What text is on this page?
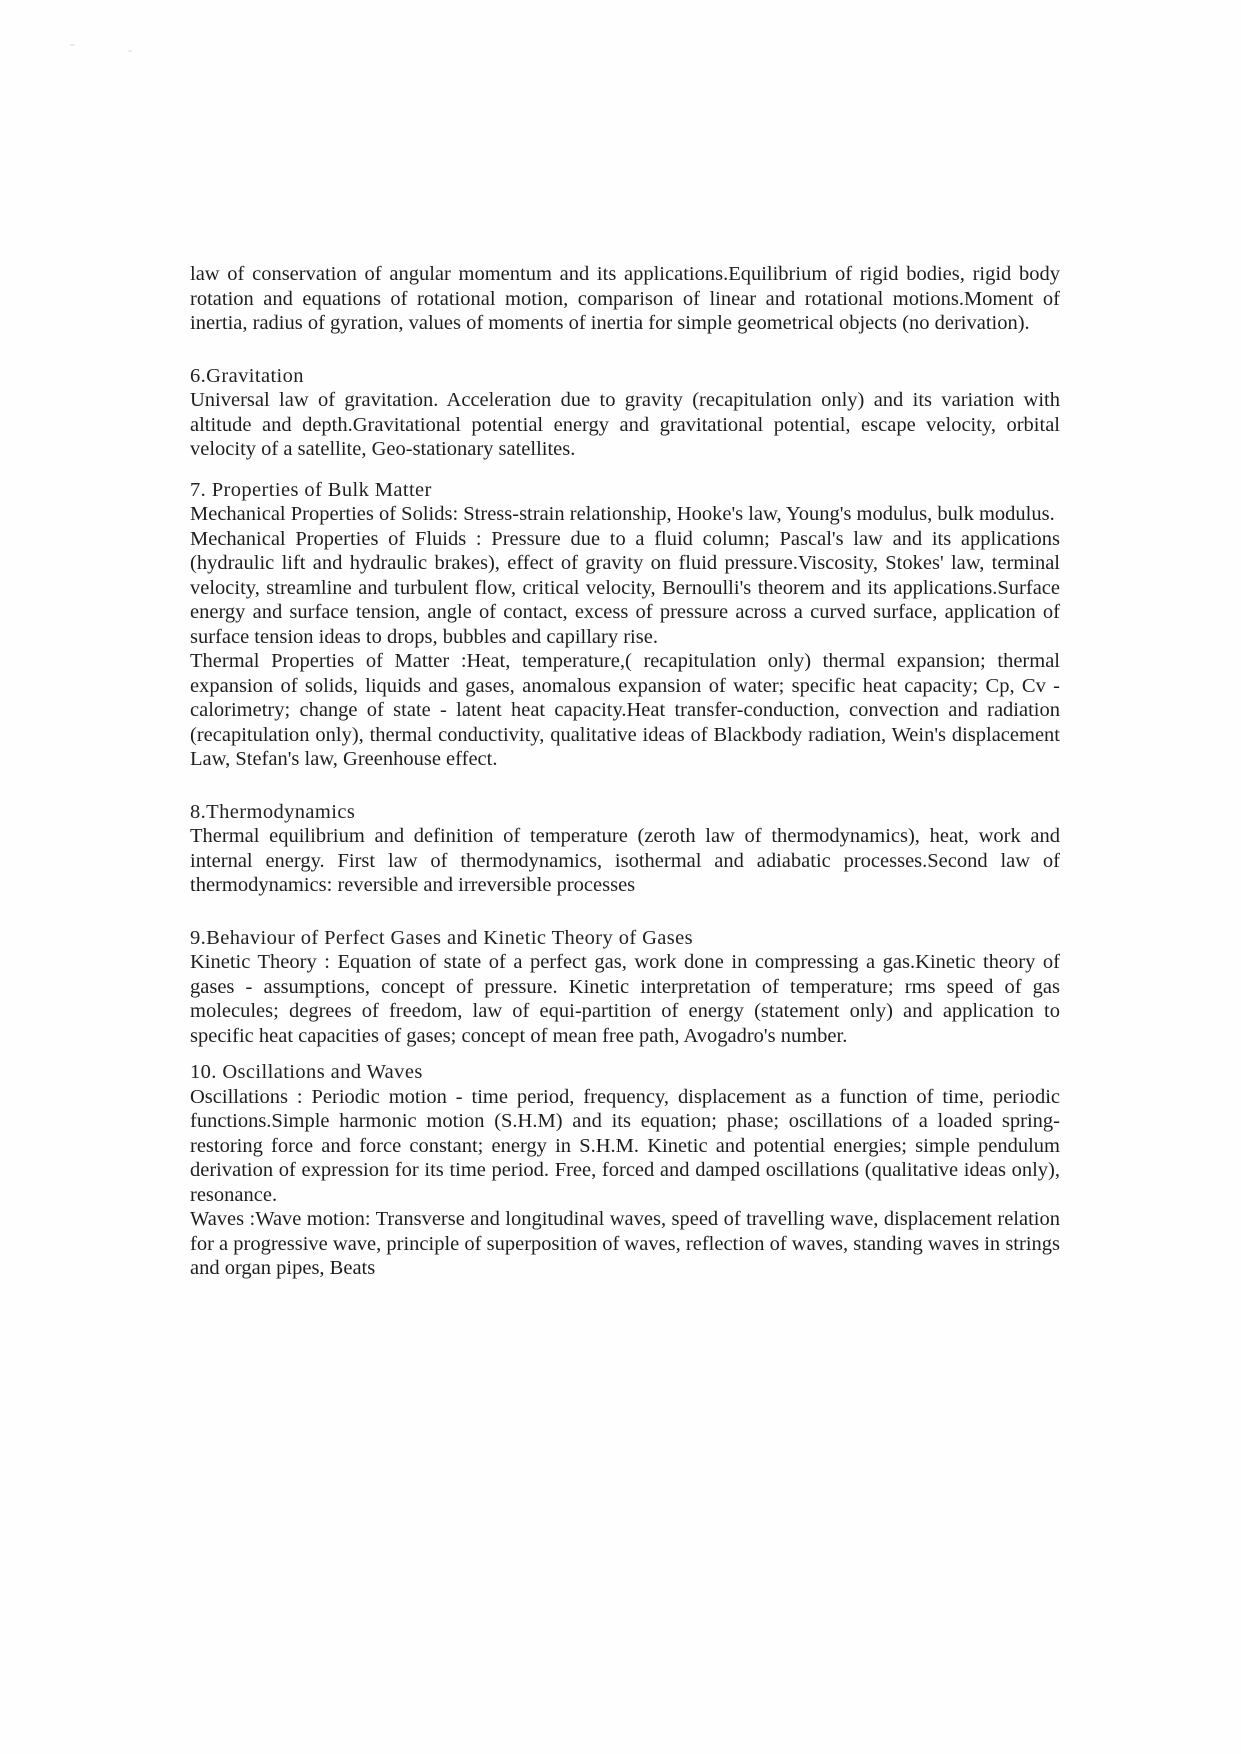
law of conservation of angular momentum and its applications.Equilibrium of rigid bodies, rigid body rotation and equations of rotational motion, comparison of linear and rotational motions.Moment of inertia, radius of gyration, values of moments of inertia for simple geometrical objects (no derivation).

6.Gravitation

Universal law of gravitation. Acceleration due to gravity (recapitulation only) and its variation with altitude and depth.Gravitational potential energy and gravitational potential, escape velocity, orbital velocity of a satellite, Geo-stationary satellites.

7. Properties of Bulk Matter

Mechanical Properties of Solids: Stress-strain relationship, Hooke's law, Young's modulus, bulk modulus.

Mechanical Properties of Fluids : Pressure due to a fluid column; Pascal's law and its applications (hydraulic lift and hydraulic brakes), effect of gravity on fluid pressure.Viscosity, Stokes' law, terminal velocity, streamline and turbulent flow, critical velocity, Bernoulli's theorem and its applications.Surface energy and surface tension, angle of contact, excess of pressure across a curved surface, application of surface tension ideas to drops, bubbles and capillary rise.

Thermal Properties of Matter :Heat, temperature,( recapitulation only) thermal expansion; thermal expansion of solids, liquids and gases, anomalous expansion of water; specific heat capacity; Cp, Cv - calorimetry; change of state - latent heat capacity.Heat transfer-conduction, convection and radiation (recapitulation only), thermal conductivity, qualitative ideas of Blackbody radiation, Wein's displacement Law, Stefan's law, Greenhouse effect.

8.Thermodynamics

Thermal equilibrium and definition of temperature (zeroth law of thermodynamics), heat, work and internal energy. First law of thermodynamics, isothermal and adiabatic processes.Second law of thermodynamics: reversible and irreversible processes

9.Behaviour of Perfect Gases and Kinetic Theory of Gases

Kinetic Theory : Equation of state of a perfect gas, work done in compressing a gas.Kinetic theory of gases - assumptions, concept of pressure. Kinetic interpretation of temperature; rms speed of gas molecules; degrees of freedom, law of equi-partition of energy (statement only) and application to specific heat capacities of gases; concept of mean free path, Avogadro's number.

10. Oscillations and Waves

Oscillations : Periodic motion - time period, frequency, displacement as a function of time, periodic functions.Simple harmonic motion (S.H.M) and its equation; phase; oscillations of a loaded spring- restoring force and force constant; energy in S.H.M. Kinetic and potential energies; simple pendulum derivation of expression for its time period. Free, forced and damped oscillations (qualitative ideas only), resonance.

Waves :Wave motion: Transverse and longitudinal waves, speed of travelling wave, displacement relation for a progressive wave, principle of superposition of waves, reflection of waves, standing waves in strings and organ pipes, Beats
